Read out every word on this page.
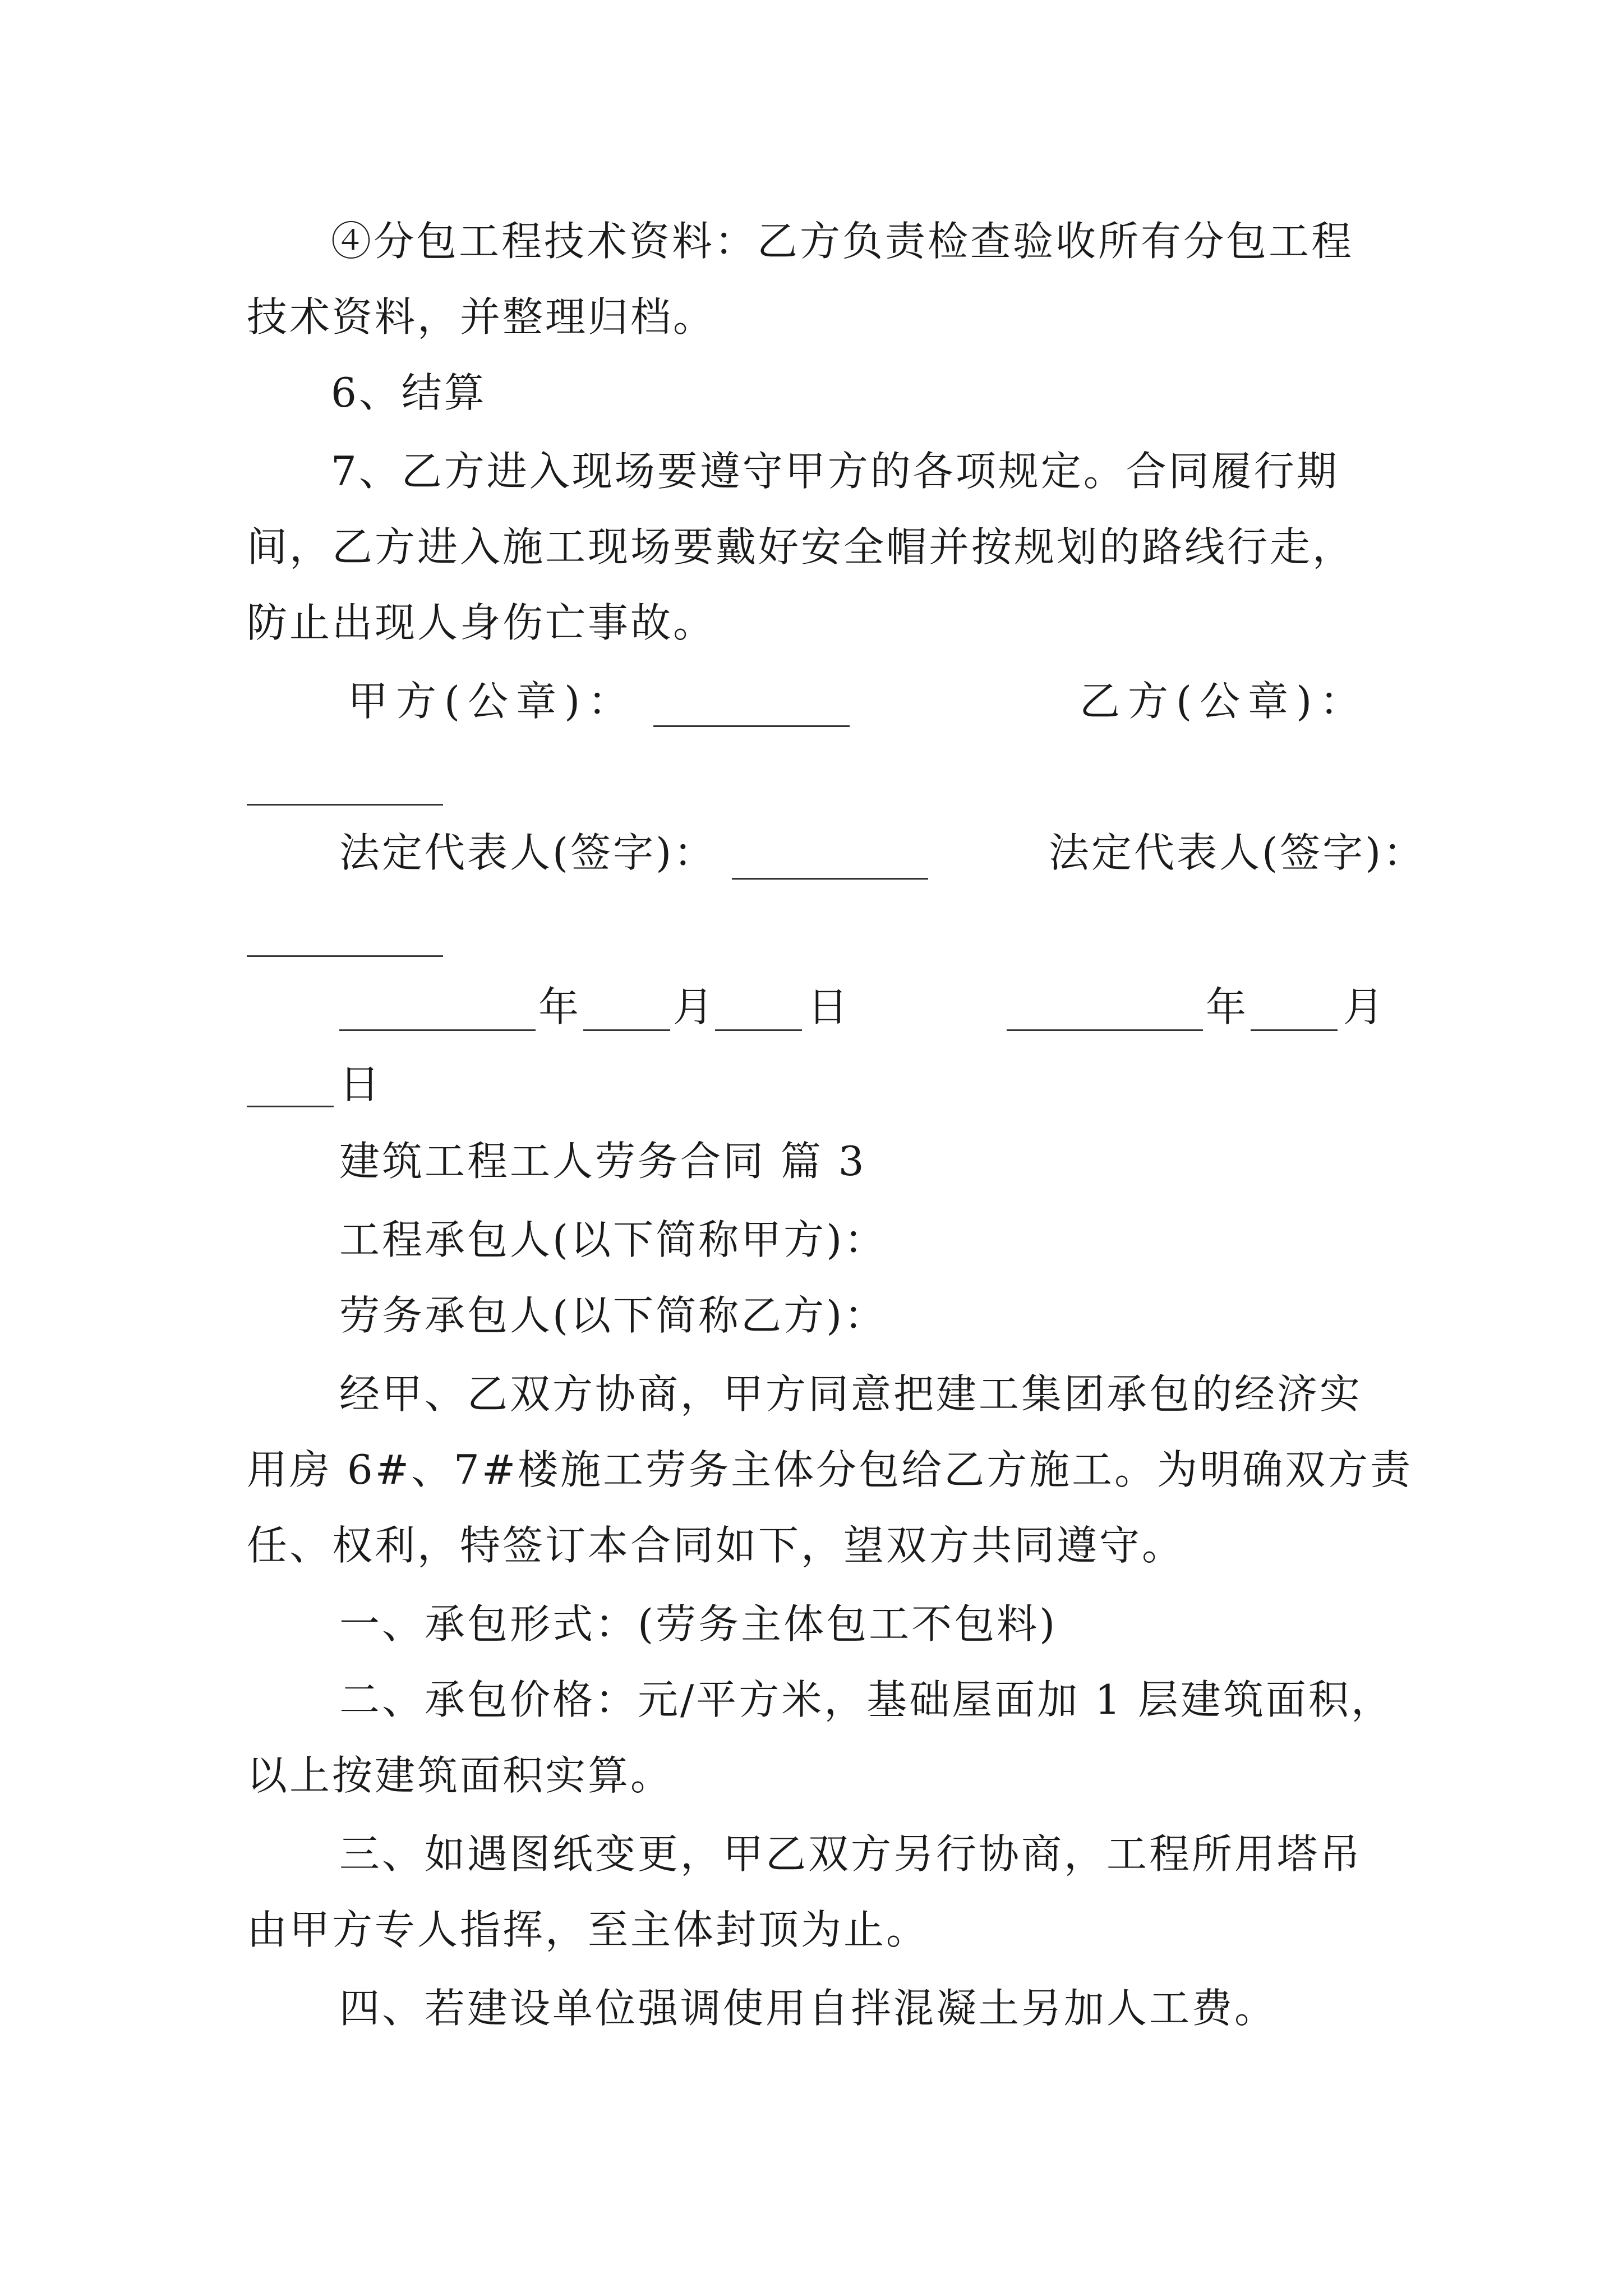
④分包工程技术资料：乙方负责检查验收所有分包工程
技术资料，并整理归档。
6、结算
7、乙方进入现场要遵守甲方的各项规定。合同履行期
间，乙方进入施工现场要戴好安全帽并按规划的路线行走，
防止出现人身伤亡事故。
甲方(公章)：	乙方(公章)：
法定代表人(签字)：	法定代表人(签字)：
年 月 日	年 月
日
建筑工程工人劳务合同 篇 3
工程承包人(以下简称甲方)：
劳务承包人(以下简称乙方)：
经甲、乙双方协商，甲方同意把建工集团承包的经济实
用房 6#、7#楼施工劳务主体分包给乙方施工。为明确双方责
任、权利，特签订本合同如下，望双方共同遵守。
一、承包形式：(劳务主体包工不包料)
二、承包价格：元/平方米，基础屋面加 1 层建筑面积，
以上按建筑面积实算。
三、如遇图纸变更，甲乙双方另行协商，工程所用塔吊
由甲方专人指挥，至主体封顶为止。
四、若建设单位强调使用自拌混凝土另加人工费。
